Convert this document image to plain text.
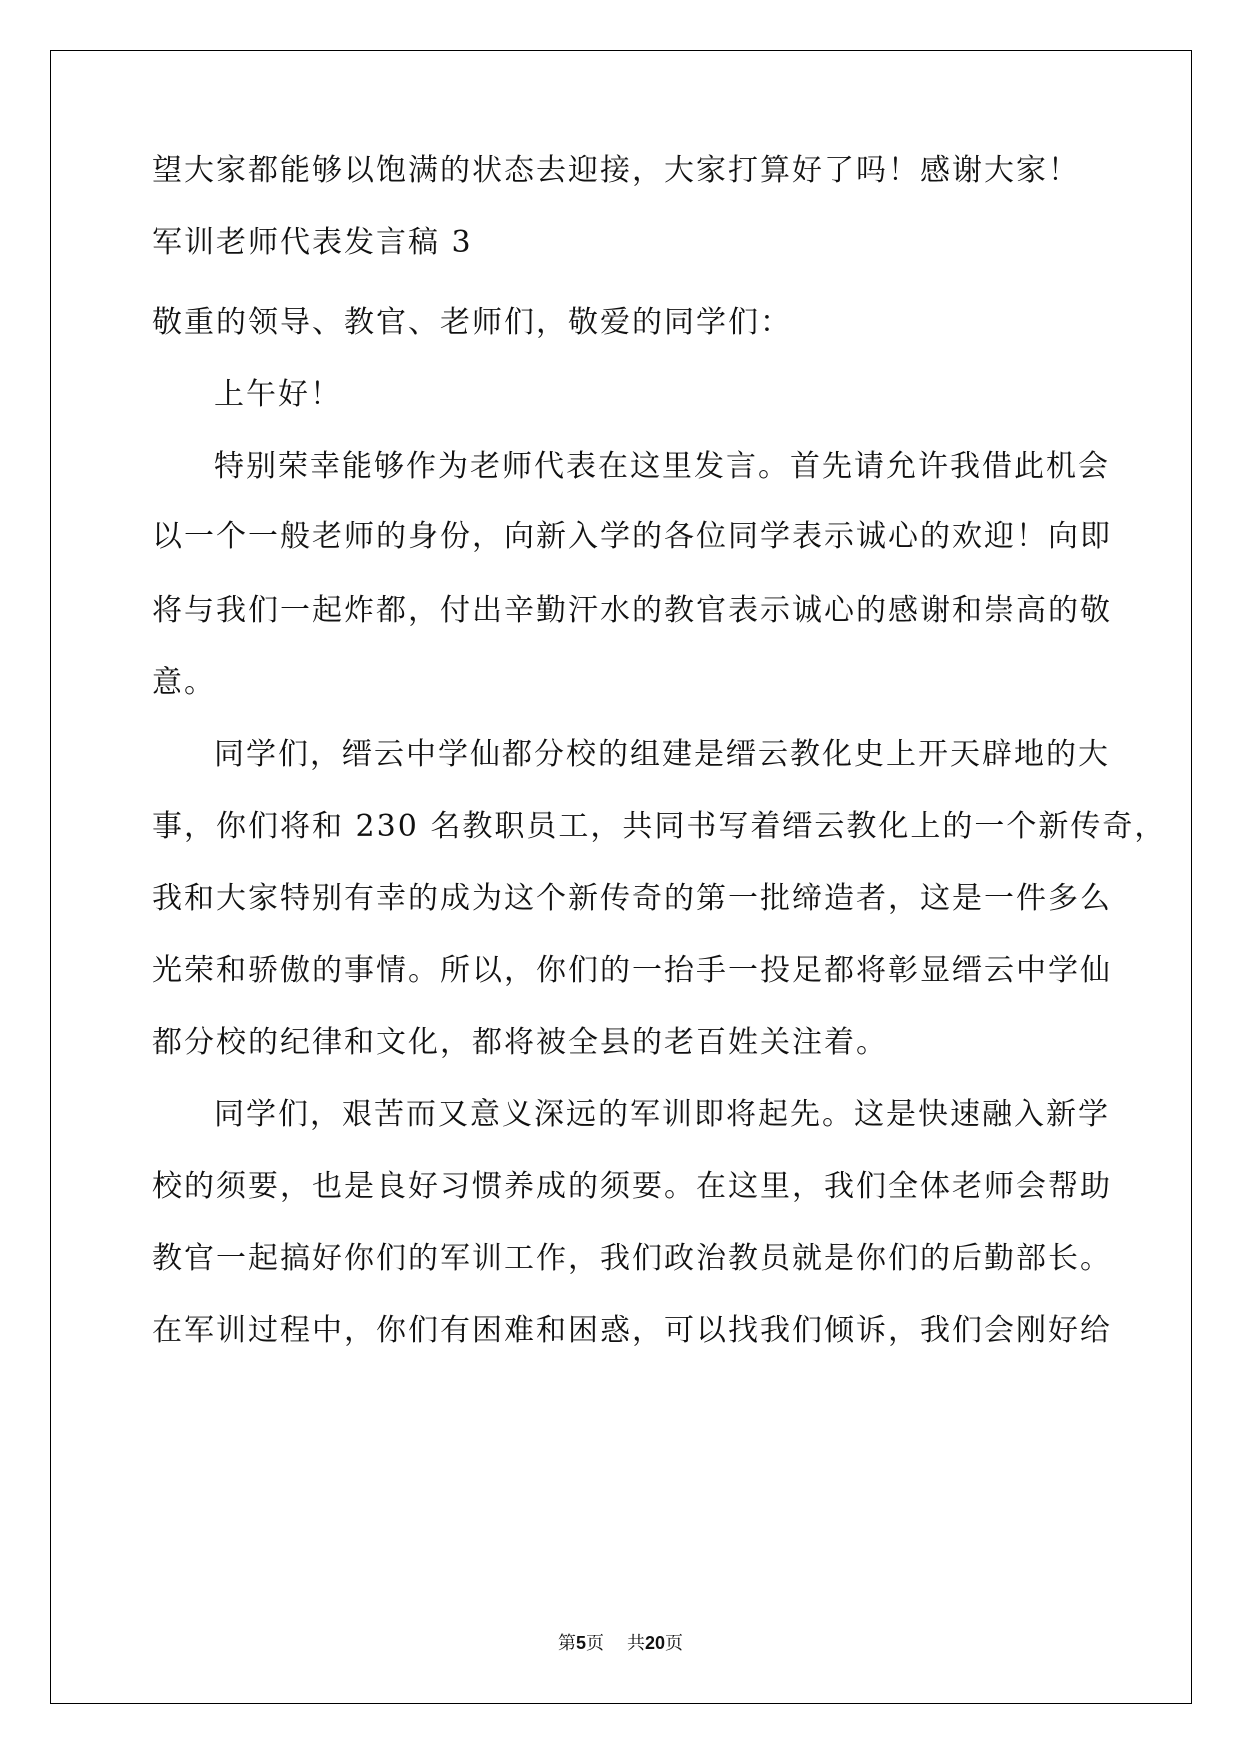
望大家都能够以饱满的状态去迎接，大家打算好了吗！感谢大家！
军训老师代表发言稿 3
敬重的领导、教官、老师们，敬爱的同学们：
上午好！
特别荣幸能够作为老师代表在这里发言。首先请允许我借此机会
以一个一般老师的身份，向新入学的各位同学表示诚心的欢迎！向即
将与我们一起炸都，付出辛勤汗水的教官表示诚心的感谢和崇高的敬
意。
同学们，缙云中学仙都分校的组建是缙云教化史上开天辟地的大
事，你们将和 230 名教职员工，共同书写着缙云教化上的一个新传奇，
我和大家特别有幸的成为这个新传奇的第一批缔造者，这是一件多么
光荣和骄傲的事情。所以，你们的一抬手一投足都将彰显缙云中学仙
都分校的纪律和文化，都将被全县的老百姓关注着。
同学们，艰苦而又意义深远的军训即将起先。这是快速融入新学
校的须要，也是良好习惯养成的须要。在这里，我们全体老师会帮助
教官一起搞好你们的军训工作，我们政治教员就是你们的后勤部长。
在军训过程中，你们有困难和困惑，可以找我们倾诉，我们会刚好给
第5页 共20页
